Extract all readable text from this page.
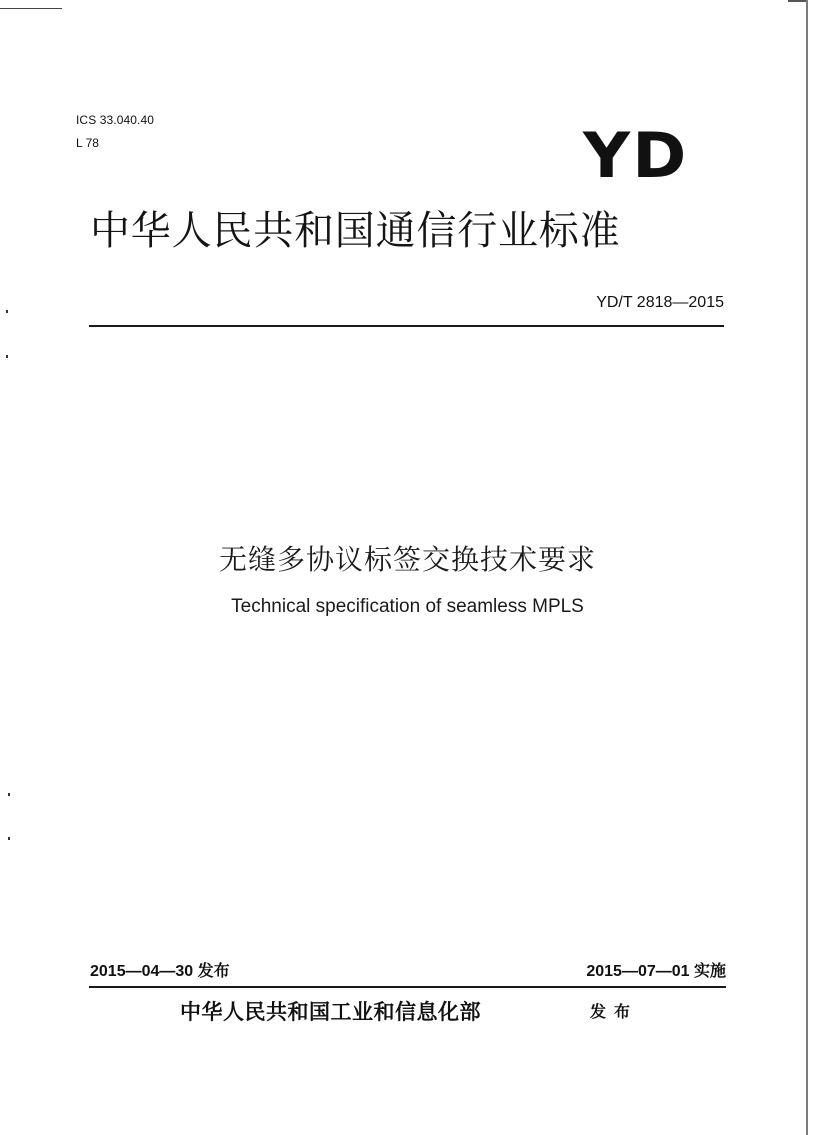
ICS 33.040.40
L 78	YD
中华人民共和国通信行业标准
YD/T 2818—2015
无缝多协议标签交换技术要求
Technical specification of seamless MPLS
2015—04—30 发布	2015—07—01 实施
中华人民共和国工业和信息化部	发布
